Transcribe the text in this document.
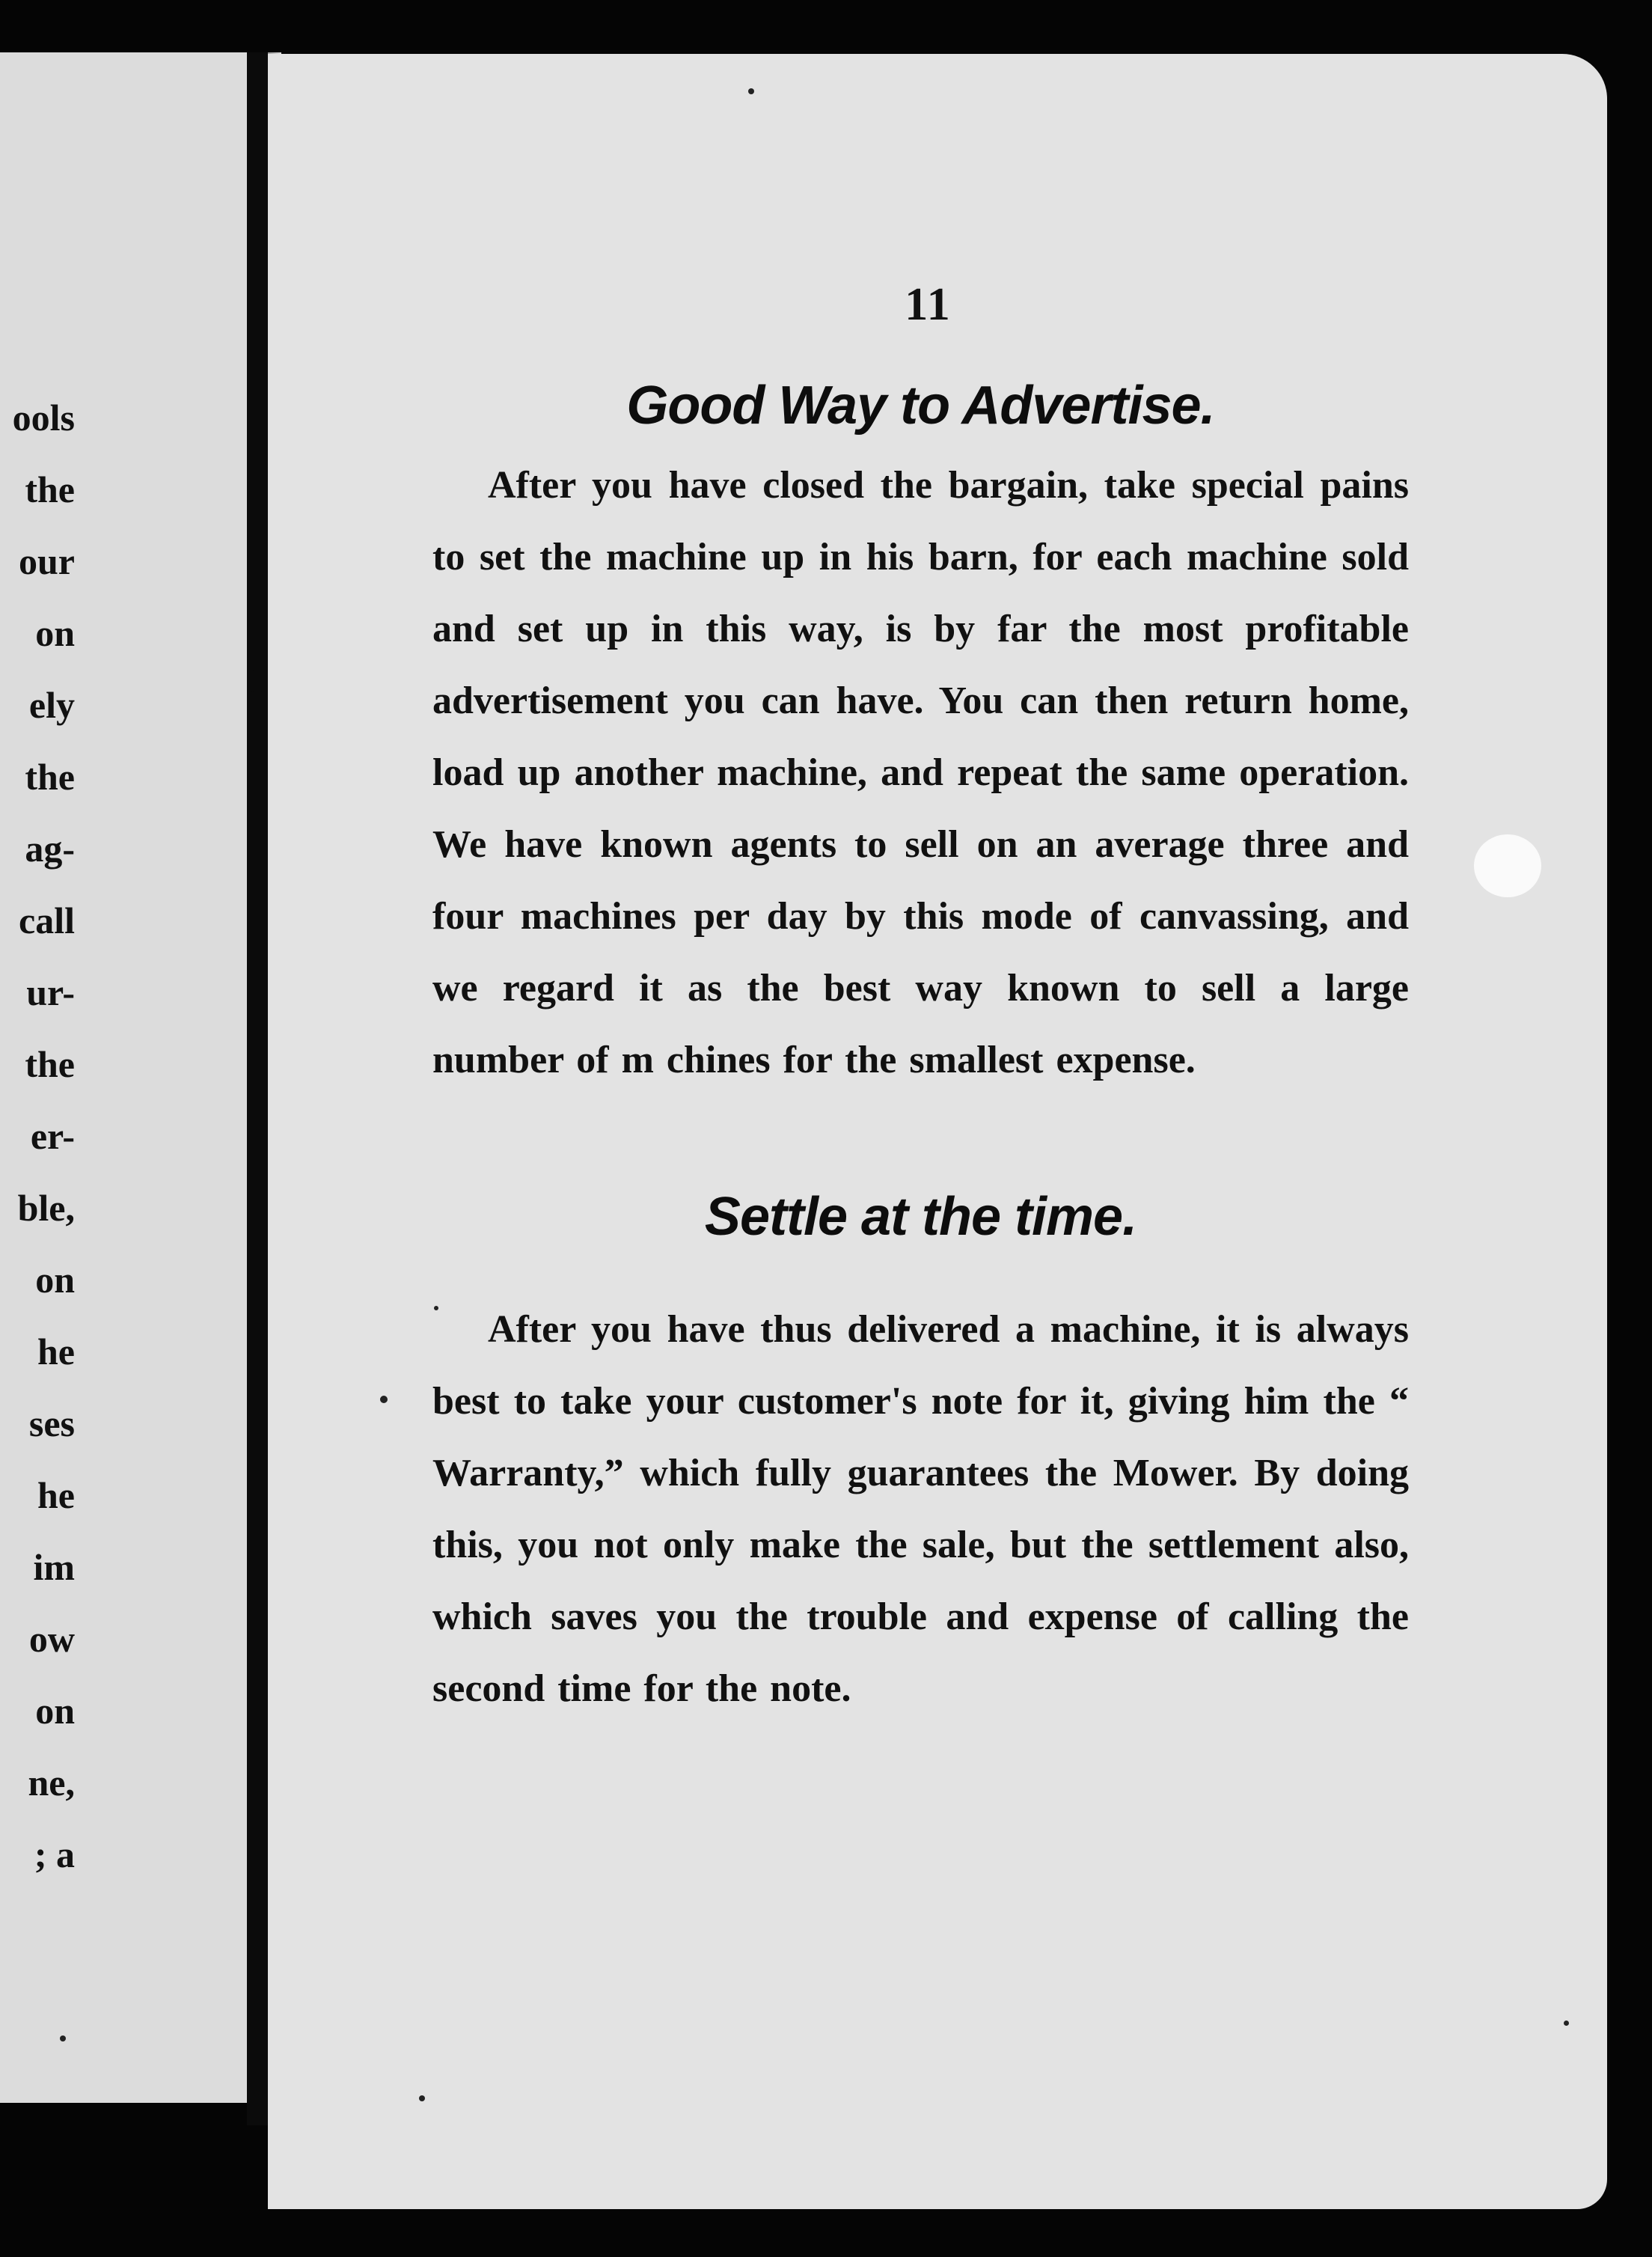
ools
the
our
on
ely
the
ag-
call
ur-
the
er-
ble,
on
he
ses
he
im
ow
on
ne,
; a
11
Good Way to Advertise.

After you have closed the bargain, take special pains to set the machine up in his barn, for each machine sold and set up in this way, is by far the most profitable advertisement you can have. You can then return home, load up another machine, and repeat the same operation. We have known agents to sell on an average three and four machines per day by this mode of canvassing, and we regard it as the best way known to sell a large number of m chines for the smallest expense.

Settle at the time.

After you have thus delivered a machine, it is always best to take your customer's note for it, giving him the “ Warranty,” which fully guarantees the Mower. By doing this, you not only make the sale, but the settlement also, which saves you the trouble and expense of calling the second time for the note.
